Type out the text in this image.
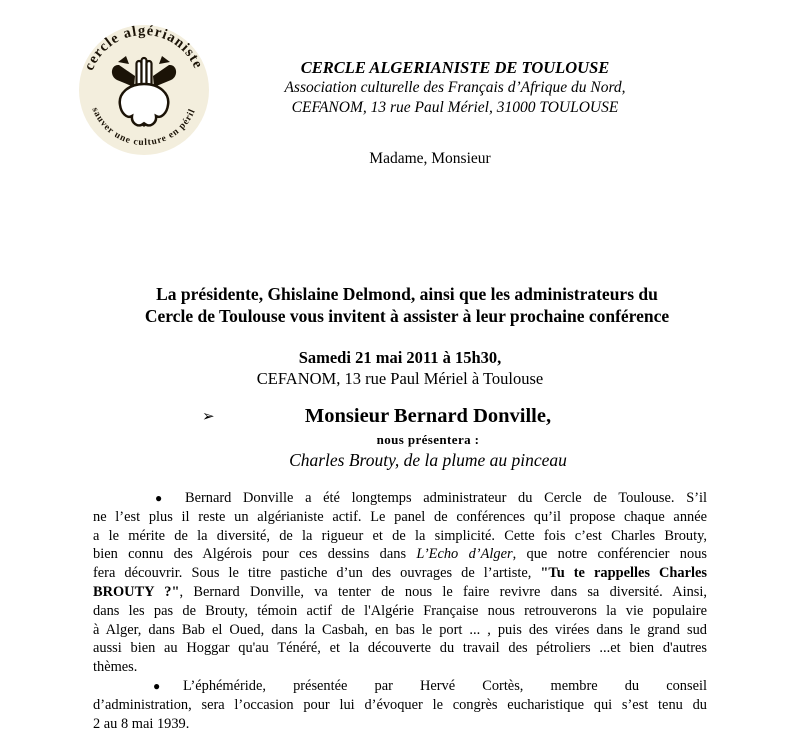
cercle algérianiste
sauver une culture en péril
CERCLE ALGERIANISTE DE TOULOUSE
Association culturelle des Français d’Afrique du Nord,
CEFANOM, 13 rue Paul Mériel, 31000 TOULOUSE
Madame, Monsieur
La présidente, Ghislaine Delmond, ainsi que les administrateurs du
Cercle de Toulouse vous invitent à assister à leur prochaine conférence
Samedi 21 mai 2011 à 15h30,
CEFANOM, 13 rue Paul Mériel à Toulouse
➢	Monsieur Bernard Donville,
nous présentera :
Charles Brouty, de la plume au pinceau
● Bernard Donville a été longtemps administrateur du Cercle de Toulouse. S’il
ne l’est plus il reste un algérianiste actif. Le panel de conférences qu’il propose chaque année
a le mérite de la diversité, de la rigueur et de la simplicité. Cette fois c’est Charles Brouty,
bien connu des Algérois pour ces dessins dans L’Echo d’Alger, que notre conférencier nous
fera découvrir. Sous le titre pastiche d’un des ouvrages de l’artiste, "Tu te rappelles Charles
BROUTY ?", Bernard Donville, va tenter de nous le faire revivre dans sa diversité. Ainsi,
dans les pas de Brouty, témoin actif de l'Algérie Française nous retrouverons la vie populaire
à Alger, dans Bab el Oued, dans la Casbah, en bas le port ... , puis des virées dans le grand sud
aussi bien au Hoggar qu'au Ténéré, et la découverte du travail des pétroliers ...et bien d'autres
thèmes.
● L’éphéméride, présentée par Hervé Cortès, membre du conseil
d’administration, sera l’occasion pour lui d’évoquer le congrès eucharistique qui s’est tenu du
2 au 8 mai 1939.
